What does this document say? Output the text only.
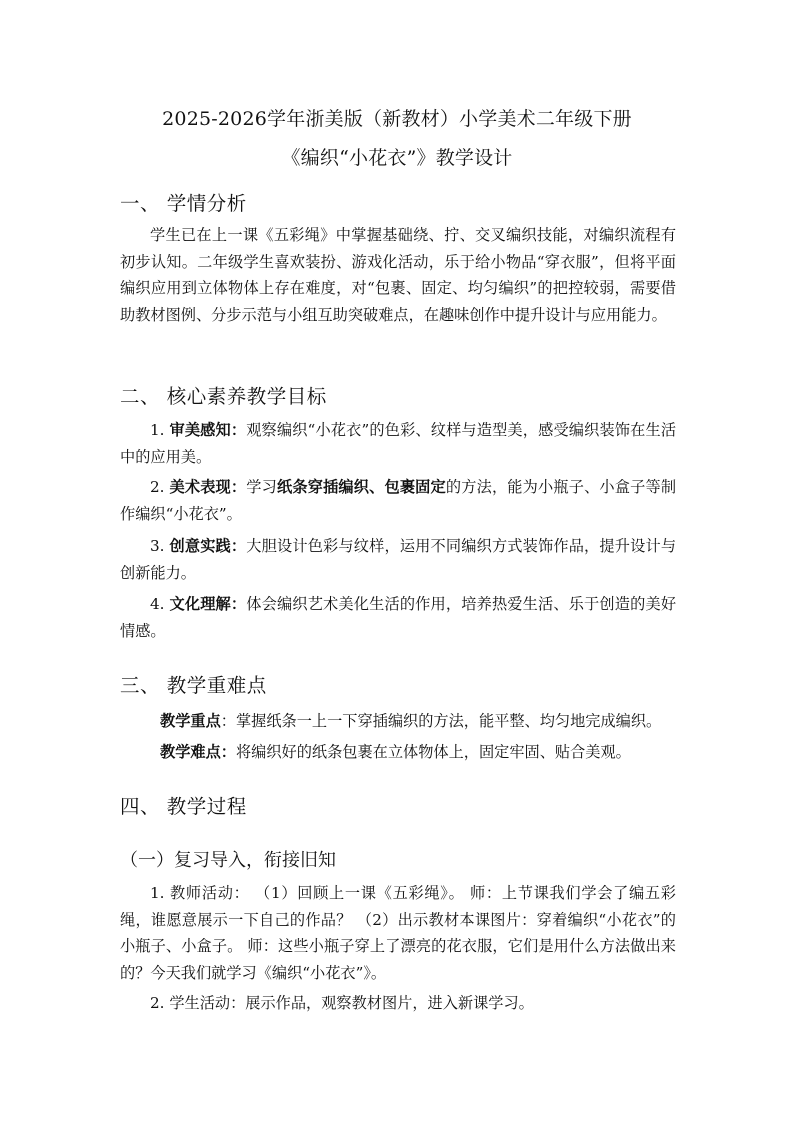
2025-2026学年浙美版（新教材）小学美术二年级下册
《编织“小花衣”》教学设计
一、 学情分析

学生已在上一课《五彩绳》中掌握基础绕、拧、交叉编织技能，对编织流程有初步认知。二年级学生喜欢装扮、游戏化活动，乐于给小物品“穿衣服”，但将平面编织应用到立体物体上存在难度，对“包裹、固定、均匀编织”的把控较弱，需要借助教材图例、分步示范与小组互助突破难点，在趣味创作中提升设计与应用能力。

二、 核心素养教学目标

1. 审美感知：观察编织“小花衣”的色彩、纹样与造型美，感受编织装饰在生活中的应用美。

2. 美术表现：学习纸条穿插编织、包裹固定的方法，能为小瓶子、小盒子等制作编织“小花衣”。

3. 创意实践：大胆设计色彩与纹样，运用不同编织方式装饰作品，提升设计与创新能力。

4. 文化理解：体会编织艺术美化生活的作用，培养热爱生活、乐于创造的美好情感。

三、 教学重难点
教学重点：掌握纸条一上一下穿插编织的方法，能平整、均匀地完成编织。
教学难点：将编织好的纸条包裹在立体物体上，固定牢固、贴合美观。
四、 教学过程
（一）复习导入，衔接旧知

1. 教师活动： （1）回顾上一课《五彩绳》。 师：上节课我们学会了编五彩绳，谁愿意展示一下自己的作品？ （2）出示教材本课图片：穿着编织“小花衣”的小瓶子、小盒子。 师：这些小瓶子穿上了漂亮的花衣服，它们是用什么方法做出来的？今天我们就学习《编织“小花衣”》。

2. 学生活动：展示作品，观察教材图片，进入新课学习。
